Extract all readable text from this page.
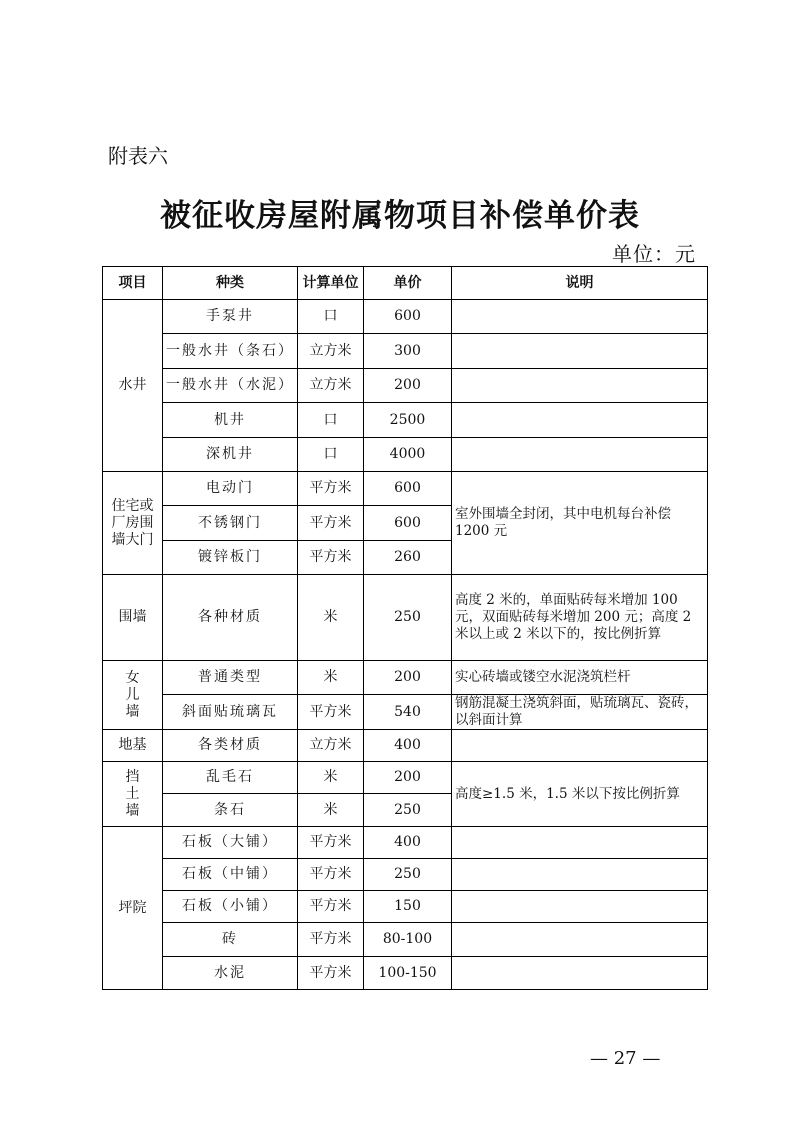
附表六
被征收房屋附属物项目补偿单价表
单位：元
项目	种类	计算单位	单价	说明
水井	手泵井	口	600	
	一般水井（条石）	立方米	300	
	一般水井（水泥）	立方米	200	
	机井	口	2500	
	深机井	口	4000	
住宅或厂房围墙大门	电动门	平方米	600	室外围墙全封闭，其中电机每台补偿 1200 元
	不锈钢门	平方米	600	
	镀锌板门	平方米	260	
围墙	各种材质	米	250	高度 2 米的，单面贴砖每米增加 100 元，双面贴砖每米增加 200 元；高度 2 米以上或 2 米以下的，按比例折算
女儿墙	普通类型	米	200	实心砖墙或镂空水泥浇筑栏杆
	斜面贴琉璃瓦	平方米	540	钢筋混凝土浇筑斜面，贴琉璃瓦、瓷砖，以斜面计算
地基	各类材质	立方米	400	
挡土墙	乱毛石	米	200	高度≥1.5 米，1.5 米以下按比例折算
	条石	米	250	
坪院	石板（大铺）	平方米	400	
	石板（中铺）	平方米	250	
	石板（小铺）	平方米	150	
	砖	平方米	80-100	
	水泥	平方米	100-150	
— 27 —
